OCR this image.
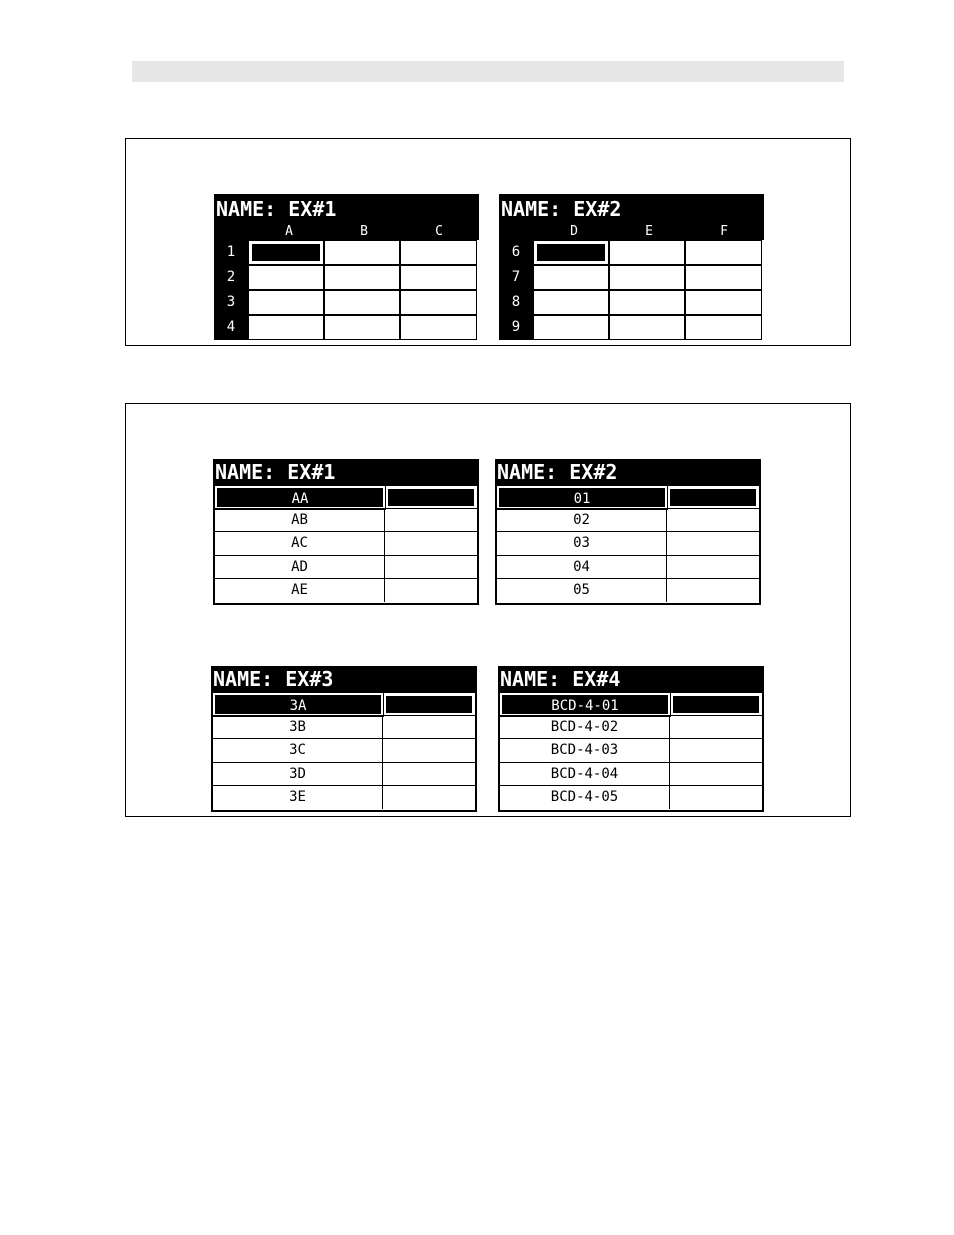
NAME: EX#1
A	B	C
1
2
3
4
NAME: EX#2
D	E	F
6
7
8
9
NAME: EX#1
AA
AB
AC
AD
AE
NAME: EX#2
01
02
03
04
05
NAME: EX#3
3A
3B
3C
3D
3E
NAME: EX#4
BCD-4-01
BCD-4-02
BCD-4-03
BCD-4-04
BCD-4-05
